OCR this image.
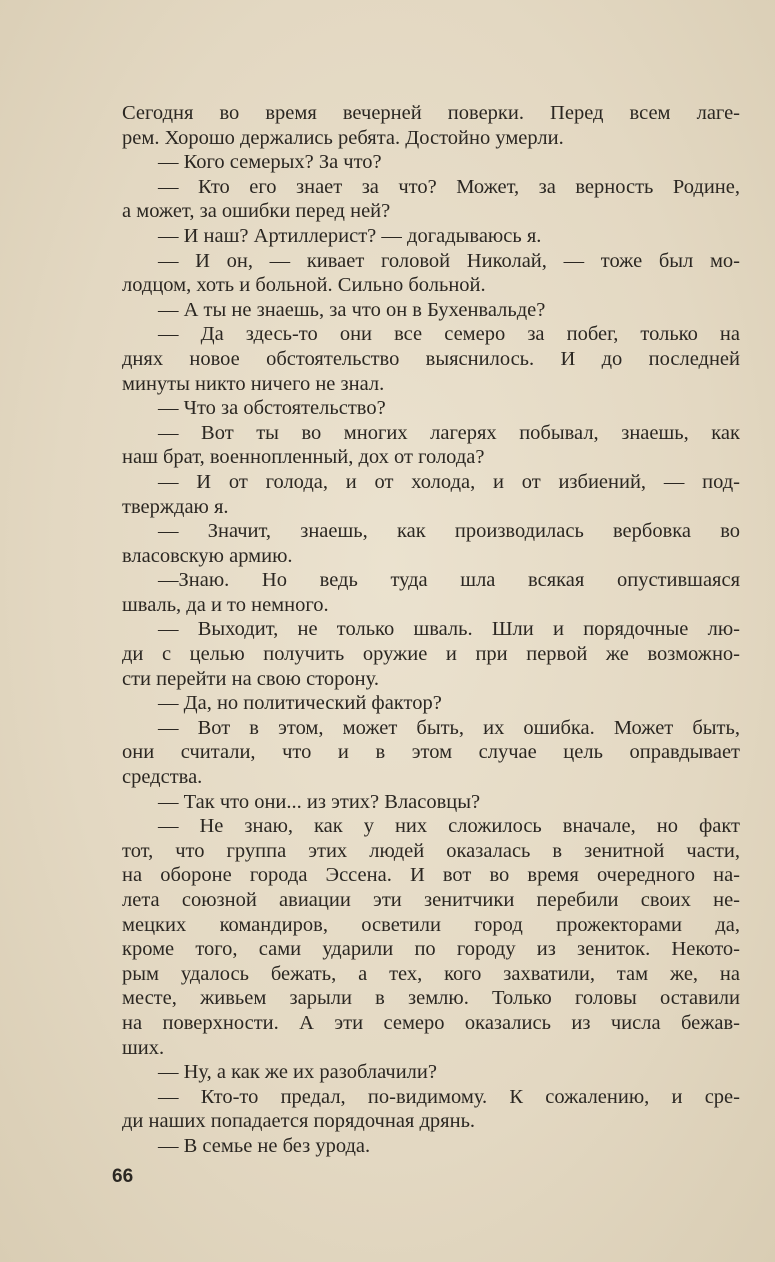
Сегодня во время вечерней поверки. Перед всем лаге-
рем. Хорошо держались ребята. Достойно умерли.
— Кого семерых? За что?
— Кто его знает за что? Может, за верность Родине,
а может, за ошибки перед ней?
— И наш? Артиллерист? — догадываюсь я.
— И он, — кивает головой Николай, — тоже был мо-
лодцом, хоть и больной. Сильно больной.
— А ты не знаешь, за что он в Бухенвальде?
— Да здесь-то они все семеро за побег, только на
днях новое обстоятельство выяснилось. И до последней
минуты никто ничего не знал.
— Что за обстоятельство?
— Вот ты во многих лагерях побывал, знаешь, как
наш брат, военнопленный, дох от голода?
— И от голода, и от холода, и от избиений, — под-
тверждаю я.
— Значит, знаешь, как производилась вербовка во
власовскую армию.
—Знаю. Но ведь туда шла всякая опустившаяся
шваль, да и то немного.
— Выходит, не только шваль. Шли и порядочные лю-
ди с целью получить оружие и при первой же возможно-
сти перейти на свою сторону.
— Да, но политический фактор?
— Вот в этом, может быть, их ошибка. Может быть,
они считали, что и в этом случае цель оправдывает
средства.
— Так что они... из этих? Власовцы?
— Не знаю, как у них сложилось вначале, но факт
тот, что группа этих людей оказалась в зенитной части,
на обороне города Эссена. И вот во время очередного на-
лета союзной авиации эти зенитчики перебили своих не-
мецких командиров, осветили город прожекторами да,
кроме того, сами ударили по городу из зениток. Некото-
рым удалось бежать, а тех, кого захватили, там же, на
месте, живьем зарыли в землю. Только головы оставили
на поверхности. А эти семеро оказались из числа бежав-
ших.
— Ну, а как же их разоблачили?
— Кто-то предал, по-видимому. К сожалению, и сре-
ди наших попадается порядочная дрянь.
— В семье не без урода.
66
